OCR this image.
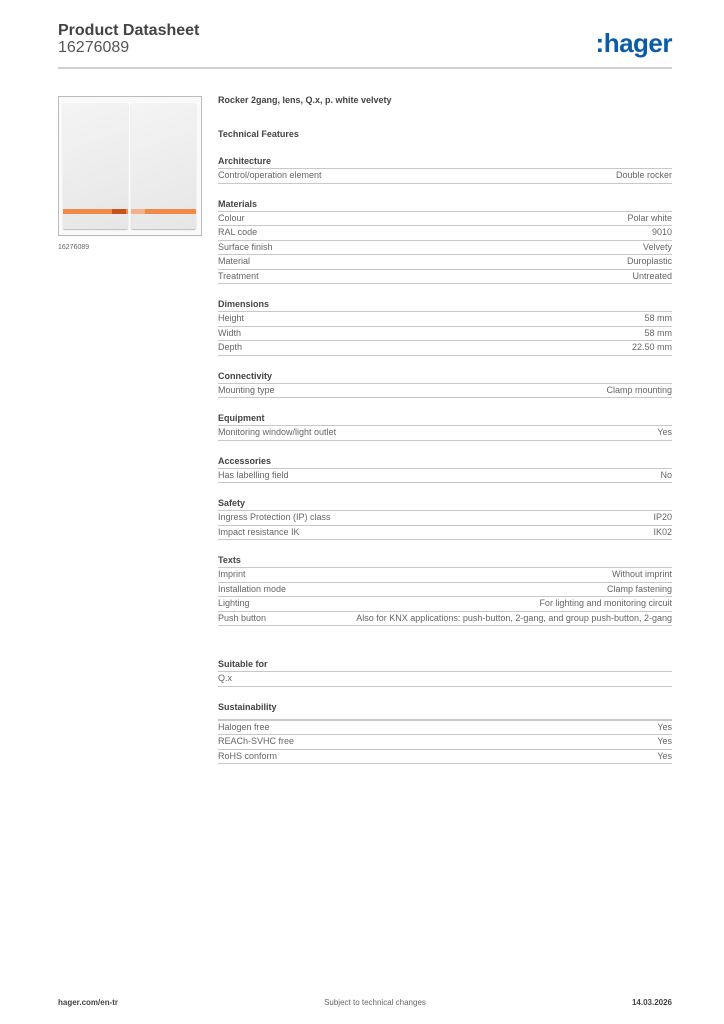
Product Datasheet
16276089	:hager
16276089
Rocker 2gang, lens, Q.x, p. white velvety
Technical Features
Architecture
Control/operation element	Double rocker
Materials
Colour	Polar white
RAL code	9010
Surface finish	Velvety
Material	Duroplastic
Treatment	Untreated
Dimensions
Height	58 mm
Width	58 mm
Depth	22.50 mm
Connectivity
Mounting type	Clamp mounting
Equipment
Monitoring window/light outlet	Yes
Accessories
Has labelling field	No
Safety
Ingress Protection (IP) class	IP20
Impact resistance IK	IK02
Texts
Imprint	Without imprint
Installation mode	Clamp fastening
Lighting	For lighting and monitoring circuit
Push button	Also for KNX applications: push-button, 2-gang, and group push-button, 2-gang
Suitable for
Q.x
Sustainability
Halogen free	Yes
REACh-SVHC free	Yes
RoHS conform	Yes
hager.com/en-tr	Subject to technical changes	14.03.2026
